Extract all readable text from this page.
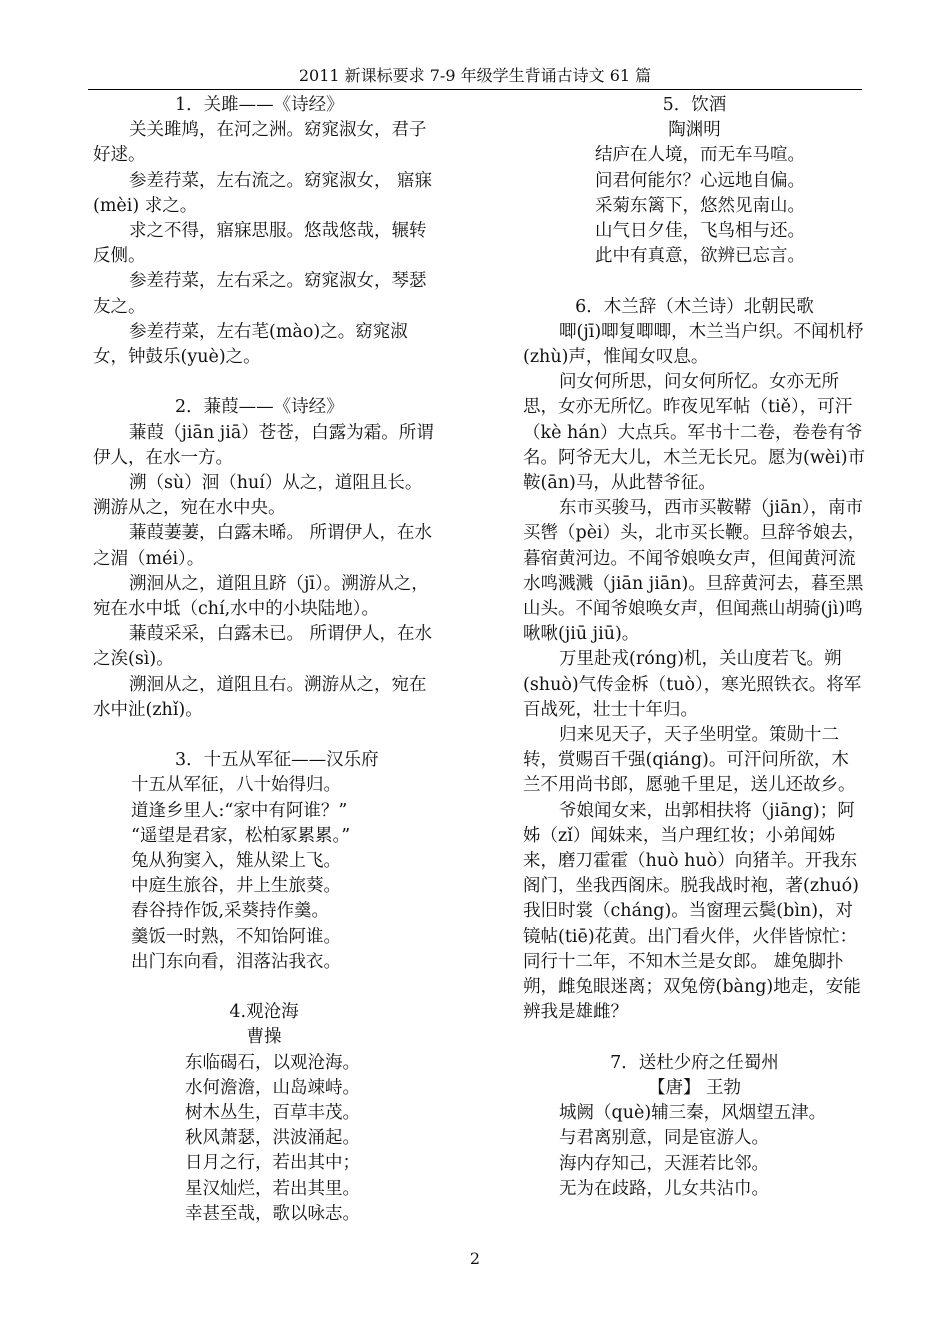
2011 新课标要求 7-9 年级学生背诵古诗文 61 篇

1．关雎——《诗经》

关关雎鸠，在河之洲。窈窕淑女，君子好逑。

参差荇菜，左右流之。窈窕淑女， 寤寐(mèi) 求之。

求之不得，寤寐思服。悠哉悠哉，辗转反侧。

参差荇菜，左右采之。窈窕淑女，琴瑟友之。

参差荇菜，左右芼(mào)之。窈窕淑女，钟鼓乐(yuè)之。

2．蒹葭——《诗经》

蒹葭（jiān jiā）苍苍，白露为霜。所谓伊人，在水一方。

溯（sù）洄（huí）从之，道阻且长。溯游从之，宛在水中央。

蒹葭萋萋，白露未晞。 所谓伊人，在水之湄（méi）。

溯洄从之，道阻且跻（jī）。溯游从之，宛在水中坻（chí,水中的小块陆地）。

蒹葭采采，白露未已。 所谓伊人，在水之涘(sì)。

溯洄从之，道阻且右。溯游从之，宛在水中沚(zhǐ)。

3．十五从军征——汉乐府

十五从军征，八十始得归。

道逢乡里人:“家中有阿谁？”

“遥望是君家，松柏冢累累。”

兔从狗窦入，雉从梁上飞。

中庭生旅谷，井上生旅葵。

舂谷持作饭,采葵持作羹。

羹饭一时熟，不知饴阿谁。

出门东向看，泪落沾我衣。

4.观沧海

曹操

东临碣石，以观沧海。

水何澹澹，山岛竦峙。

树木丛生，百草丰茂。

秋风萧瑟，洪波涌起。

日月之行，若出其中；

星汉灿烂，若出其里。

幸甚至哉，歌以咏志。

5．饮酒

陶渊明

结庐在人境，而无车马喧。

问君何能尔？心远地自偏。

采菊东篱下，悠然见南山。

山气日夕佳，飞鸟相与还。

此中有真意，欲辨已忘言。

6．木兰辞（木兰诗）北朝民歌

唧(jī)唧复唧唧，木兰当户织。不闻机杼(zhù)声，惟闻女叹息。

问女何所思，问女何所忆。女亦无所思，女亦无所忆。昨夜见军帖（tiě），可汗（kè hán）大点兵。军书十二卷，卷卷有爷名。阿爷无大儿，木兰无长兄。愿为(wèi)市鞍(ān)马，从此替爷征。

东市买骏马，西市买鞍鞯（jiān），南市买辔（pèi）头，北市买长鞭。旦辞爷娘去，暮宿黄河边。不闻爷娘唤女声，但闻黄河流水鸣溅溅（jiān jiān)。旦辞黄河去，暮至黑山头。不闻爷娘唤女声，但闻燕山胡骑(jì)鸣啾啾(jiū jiū)。

万里赴戎(róng)机，关山度若飞。朔(shuò)气传金柝（tuò），寒光照铁衣。将军百战死，壮士十年归。

归来见天子，天子坐明堂。策勋十二转，赏赐百千强(qiáng)。可汗问所欲，木兰不用尚书郎，愿驰千里足，送儿还故乡。

爷娘闻女来，出郭相扶将（jiāng)；阿姊（zǐ）闻妹来，当户理红妆；小弟闻姊来，磨刀霍霍（huò huò）向猪羊。开我东阁门，坐我西阁床。脱我战时袍，著(zhuó)我旧时裳（cháng)。当窗理云鬓(bìn)，对镜帖(tiē)花黄。出门看火伴，火伴皆惊忙：同行十二年，不知木兰是女郎。 雄兔脚扑朔，雌兔眼迷离；双兔傍(bàng)地走，安能辨我是雄雌？

7．送杜少府之任蜀州

【唐】 王勃

城阙（què)辅三秦，风烟望五津。

与君离别意，同是宦游人。

海内存知己，天涯若比邻。

无为在歧路，儿女共沾巾。

2
